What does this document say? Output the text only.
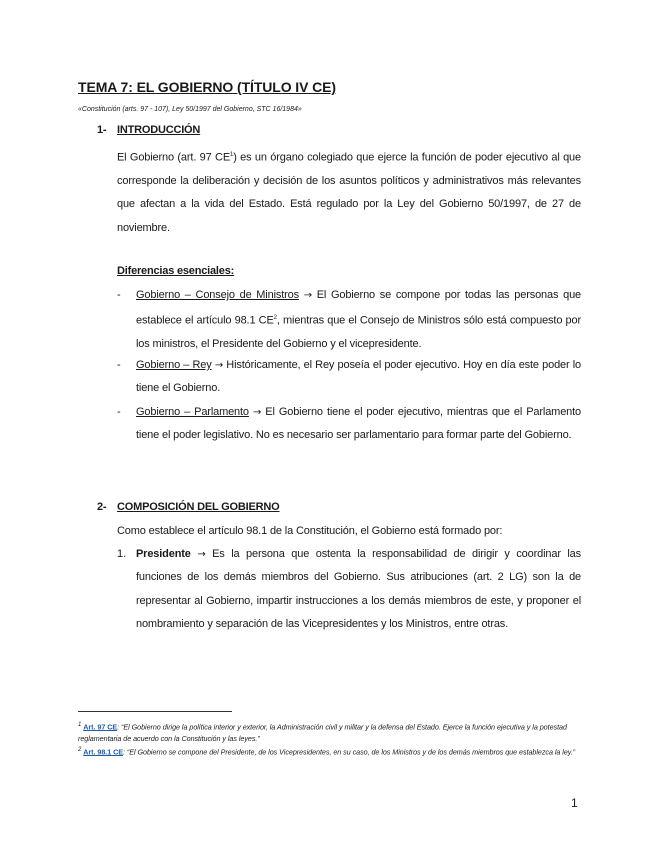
TEMA 7: EL GOBIERNO (TÍTULO IV CE)
«Constitución (arts. 97 - 107), Ley 50/1997 del Gobierno, STC 16/1984»
1- INTRODUCCIÓN
El Gobierno (art. 97 $CE^1$) es un órgano colegiado que ejerce la función de poder ejecutivo al que corresponde la deliberación y decisión de los asuntos políticos y administrativos más relevantes que afectan a la vida del Estado. Está regulado por la Ley del Gobierno 50/1997, de 27 de noviembre.
Diferencias esenciales:
- Gobierno – Consejo de Ministros → El Gobierno se compone por todas las personas que establece el artículo 98.1 $CE^2$, mientras que el Consejo de Ministros sólo está compuesto por los ministros, el Presidente del Gobierno y el vicepresidente.
- Gobierno – Rey → Históricamente, el Rey poseía el poder ejecutivo. Hoy en día este poder lo tiene el Gobierno.
- Gobierno – Parlamento → El Gobierno tiene el poder ejecutivo, mientras que el Parlamento tiene el poder legislativo. No es necesario ser parlamentario para formar parte del Gobierno.
2- COMPOSICIÓN DEL GOBIERNO
Como establece el artículo 98.1 de la Constitución, el Gobierno está formado por:
1. Presidente → Es la persona que ostenta la responsabilidad de dirigir y coordinar las funciones de los demás miembros del Gobierno. Sus atribuciones (art. 2 LG) son la de representar al Gobierno, impartir instrucciones a los demás miembros de este, y proponer el nombramiento y separación de las Vicepresidentes y los Ministros, entre otras.
$^1$ Art. 97 CE: “El Gobierno dirige la política interior y exterior, la Administración civil y militar y la defensa del Estado. Ejerce la función ejecutiva y la potestad reglamentaria de acuerdo con la Constitución y las leyes.”
$^2$ Art. 98.1 CE: “El Gobierno se compone del Presidente, de los Vicepresidentes, en su caso, de los Ministros y de los demás miembros que establezca la ley.”
1
